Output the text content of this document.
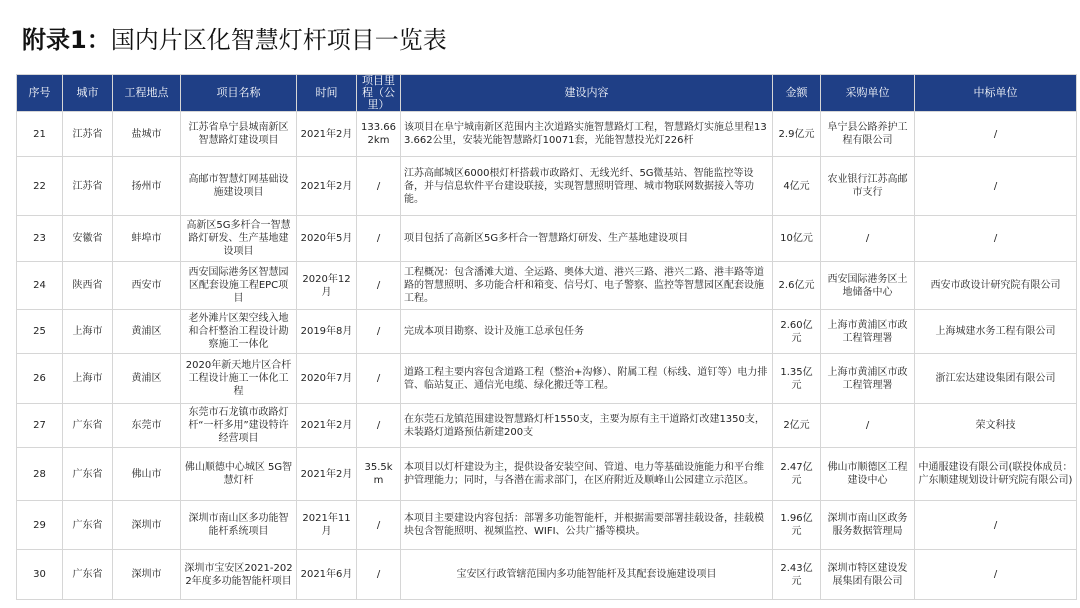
附录1：国内片区化智慧灯杆项目一览表
序号	城市	工程地点	项目名称	时间	项目里程（公里）	建设内容	金额	采购单位	中标单位
21	江苏省	盐城市	江苏省阜宁县城南新区智慧路灯建设项目	2021年2月	133.662km	该项目在阜宁城南新区范围内主次道路实施智慧路灯工程，智慧路灯实施总里程133.662公里，安装光能智慧路灯10071套，光能智慧投光灯226杆	2.9亿元	阜宁县公路养护工程有限公司	/
22	江苏省	扬州市	高邮市智慧灯网基础设施建设项目	2021年2月	/	江苏高邮城区6000根灯杆搭载市政路灯、无线光纤、5G微基站、智能监控等设备，并与信息软件平台建设联接，实现智慧照明管理、城市物联网数据接入等功能。	4亿元	农业银行江苏高邮市支行	/
23	安徽省	蚌埠市	高新区5G多杆合一智慧路灯研发、生产基地建设项目	2020年5月	/	项目包括了高新区5G多杆合一智慧路灯研发、生产基地建设项目	10亿元	/	/
24	陕西省	西安市	西安国际港务区智慧园区配套设施工程EPC项目	2020年12月	/	工程概况：包含潘滩大道、全运路、奥体大道、港兴三路、港兴二路、港丰路等道路的智慧照明、多功能合杆和箱变、信号灯、电子警察、监控等智慧园区配套设施工程。	2.6亿元	西安国际港务区土地储备中心	西安市政设计研究院有限公司
25	上海市	黄浦区	老外滩片区架空线入地和合杆整治工程设计勘察施工一体化	2019年8月	/	完成本项目勘察、设计及施工总承包任务	2.60亿元	上海市黄浦区市政工程管理署	上海城建水务工程有限公司
26	上海市	黄浦区	2020年新天地片区合杆工程设计施工一体化工程	2020年7月	/	道路工程主要内容包含道路工程（整治+沟修）、附属工程（标线、道钉等）电力排管、临站复正、通信光电缆、绿化搬迁等工程。	1.35亿元	上海市黄浦区市政工程管理署	浙江宏达建设集团有限公司
27	广东省	东莞市	东莞市石龙镇市政路灯杆“一杆多用”建设特许经营项目	2021年2月	/	在东莞石龙镇范围建设智慧路灯杆1550支，主要为原有主干道路灯改建1350支，未装路灯道路预估新建200支	2亿元	/	荣文科技
28	广东省	佛山市	佛山顺德中心城区 5G智慧灯杆	2021年2月	35.5km	本项目以灯杆建设为主，提供设备安装空间、管道、电力等基础设施能力和平台维护管理能力；同时，与各潜在需求部门，在区府附近及顺峰山公园建立示范区。	2.47亿元	佛山市顺德区工程建设中心	中通服建设有限公司(联投体成员：广东顺建规划设计研究院有限公司)
29	广东省	深圳市	深圳市南山区多功能智能杆系统项目	2021年11月	/	本项目主要建设内容包括：部署多功能智能杆，并根据需要部署挂载设备，挂载模块包含智能照明、视频监控、WIFI、公共广播等模块。	1.96亿元	深圳市南山区政务服务数据管理局	/
30	广东省	深圳市	深圳市宝安区2021-2022年度多功能智能杆项目	2021年6月	/	宝安区行政管辖范围内多功能智能杆及其配套设施建设项目	2.43亿元	深圳市特区建设发展集团有限公司	/
